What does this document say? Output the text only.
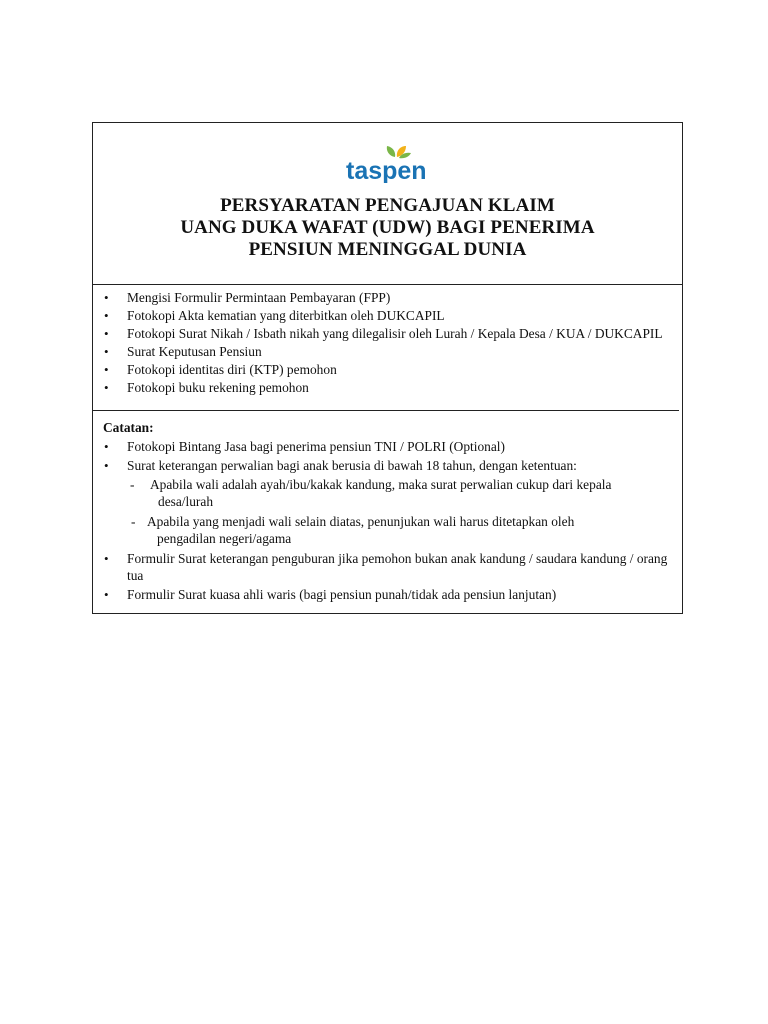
taspen
PERSYARATAN PENGAJUAN KLAIM
UANG DUKA WAFAT (UDW) BAGI PENERIMA
PENSIUN MENINGGAL DUNIA
• Mengisi Formulir Permintaan Pembayaran (FPP)
• Fotokopi Akta kematian yang diterbitkan oleh DUKCAPIL
• Fotokopi Surat Nikah / Isbath nikah yang dilegalisir oleh Lurah / Kepala Desa / KUA / DUKCAPIL
• Surat Keputusan Pensiun
• Fotokopi identitas diri (KTP) pemohon
• Fotokopi buku rekening pemohon
Catatan:
• Fotokopi Bintang Jasa bagi penerima pensiun TNI / POLRI (Optional)
• Surat keterangan perwalian bagi anak berusia di bawah 18 tahun, dengan ketentuan:
- Apabila wali adalah ayah/ibu/kakak kandung, maka surat perwalian cukup dari kepala
desa/lurah
- Apabila yang menjadi wali selain diatas, penunjukan wali harus ditetapkan oleh
pengadilan negeri/agama
• Formulir Surat keterangan penguburan jika pemohon bukan anak kandung / saudara kandung / orang tua
• Formulir Surat kuasa ahli waris (bagi pensiun punah/tidak ada pensiun lanjutan)
